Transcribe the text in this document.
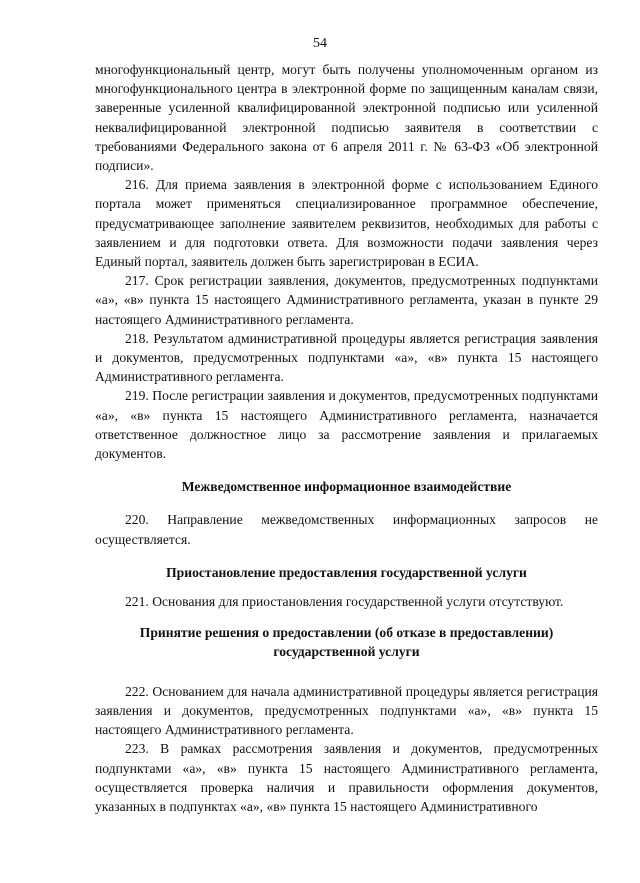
54

многофункциональный центр, могут быть получены уполномоченным органом из многофункционального центра в электронной форме по защищенным каналам связи, заверенные усиленной квалифицированной электронной подписью или усиленной неквалифицированной электронной подписью заявителя в соответствии с требованиями Федерального закона от 6 апреля 2011 г. № 63-ФЗ «Об электронной подписи».

216. Для приема заявления в электронной форме с использованием Единого портала может применяться специализированное программное обеспечение, предусматривающее заполнение заявителем реквизитов, необходимых для работы с заявлением и для подготовки ответа. Для возможности подачи заявления через Единый портал, заявитель должен быть зарегистрирован в ЕСИА.

217. Срок регистрации заявления, документов, предусмотренных подпунктами «а», «в» пункта 15 настоящего Административного регламента, указан в пункте 29 настоящего Административного регламента.

218. Результатом административной процедуры является регистрация заявления и документов, предусмотренных подпунктами «а», «в» пункта 15 настоящего Административного регламента.

219. После регистрации заявления и документов, предусмотренных подпунктами «а», «в» пункта 15 настоящего Административного регламента, назначается ответственное должностное лицо за рассмотрение заявления и прилагаемых документов.

Межведомственное информационное взаимодействие

220. Направление межведомственных информационных запросов не осуществляется.

Приостановление предоставления государственной услуги

221. Основания для приостановления государственной услуги отсутствуют.

Принятие решения о предоставлении (об отказе в предоставлении)

государственной услуги

222. Основанием для начала административной процедуры является регистрация заявления и документов, предусмотренных подпунктами «а», «в» пункта 15 настоящего Административного регламента.

223. В рамках рассмотрения заявления и документов, предусмотренных подпунктами «а», «в» пункта 15 настоящего Административного регламента, осуществляется проверка наличия и правильности оформления документов, указанных в подпунктах «а», «в» пункта 15 настоящего Административного
